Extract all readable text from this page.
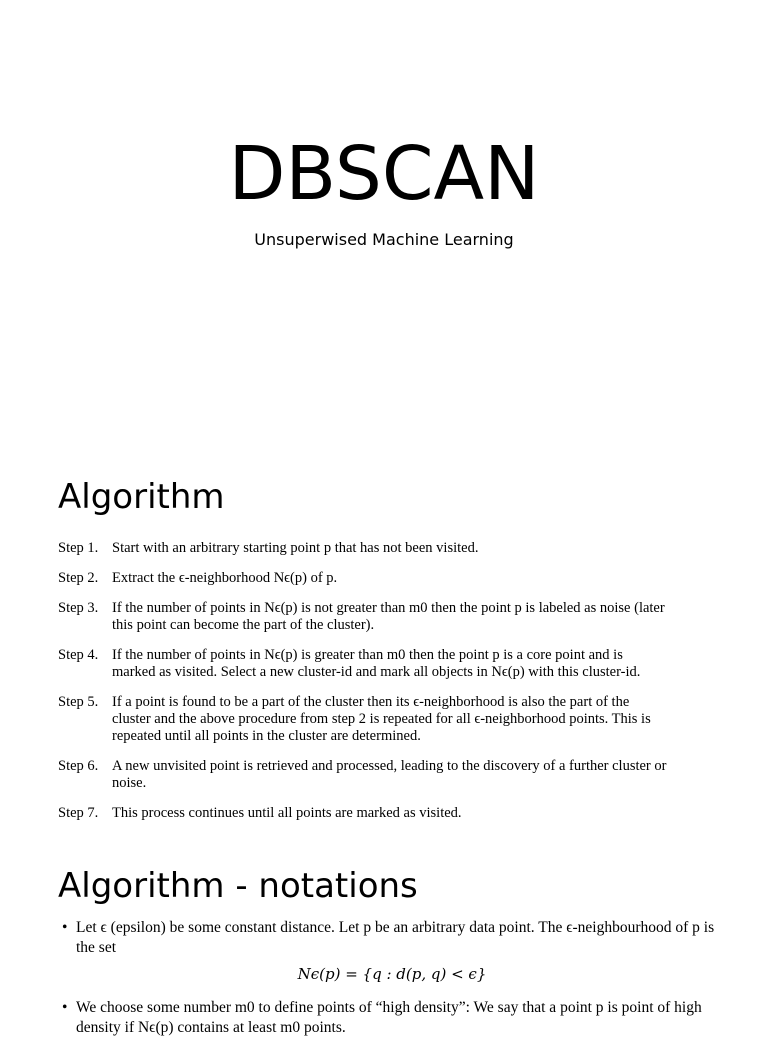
DBSCAN
Unsuperwised Machine Learning
Algorithm
Step 1. Start with an arbitrary starting point p that has not been visited.
Step 2. Extract the ϵ-neighborhood Nϵ(p) of p.
Step 3. If the number of points in Nϵ(p) is not greater than m0 then the point p is labeled as noise (later this point can become the part of the cluster).
Step 4. If the number of points in Nϵ(p) is greater than m0 then the point p is a core point and is marked as visited. Select a new cluster-id and mark all objects in Nϵ(p) with this cluster-id.
Step 5. If a point is found to be a part of the cluster then its ϵ-neighborhood is also the part of the cluster and the above procedure from step 2 is repeated for all ϵ-neighborhood points. This is repeated until all points in the cluster are determined.
Step 6. A new unvisited point is retrieved and processed, leading to the discovery of a further cluster or noise.
Step 7. This process continues until all points are marked as visited.
Algorithm - notations
• Let ϵ (epsilon) be some constant distance. Let p be an arbitrary data point. The ϵ-neighbourhood of p is the set
Nϵ(p) = {q : d(p, q) < ϵ}
• We choose some number m0 to define points of “high density”: We say that a point p is point of high density if Nϵ(p) contains at least m0 points.
